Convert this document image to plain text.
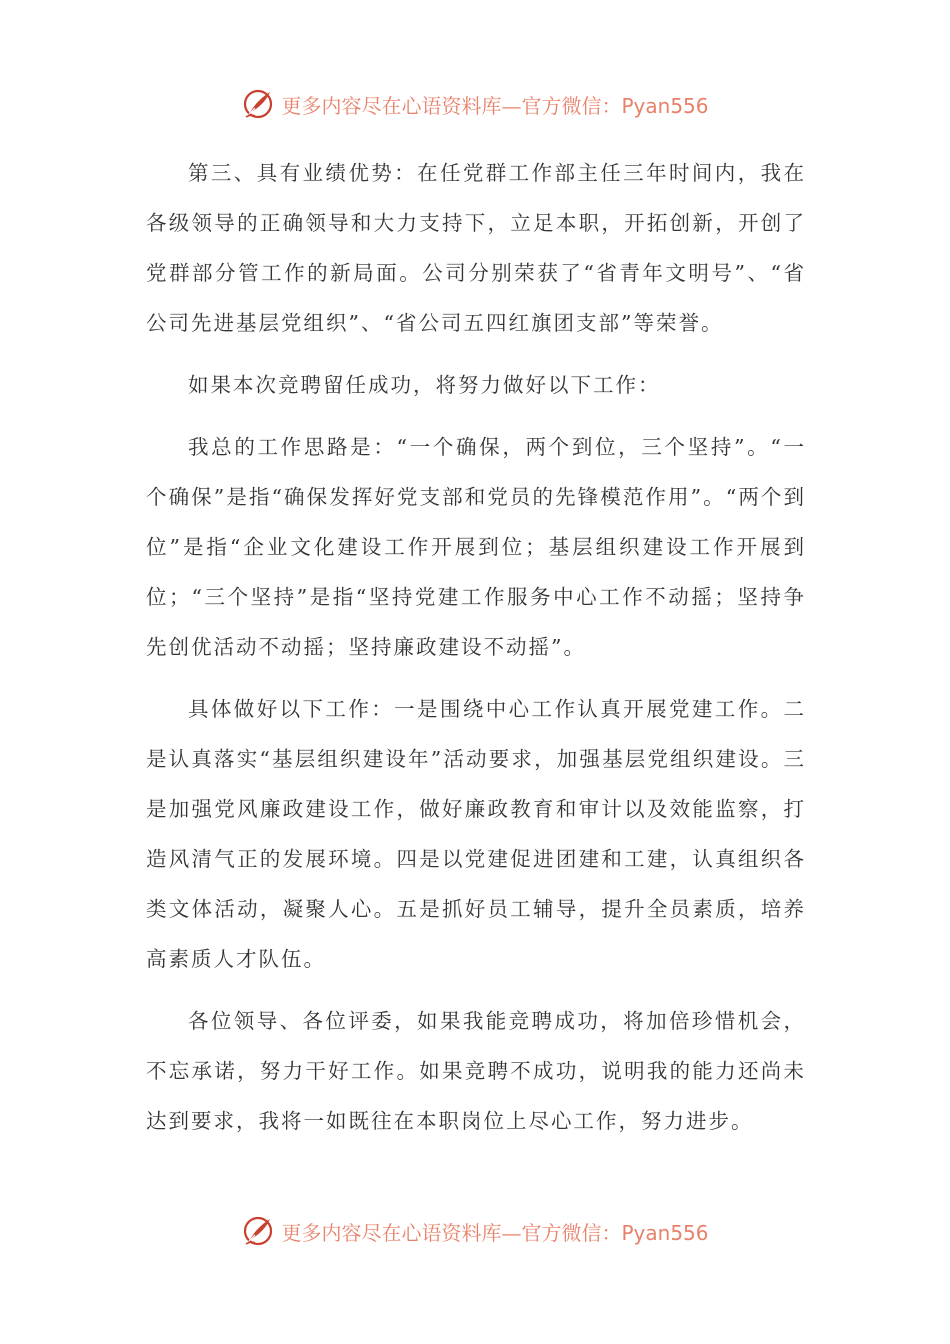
更多内容尽在心语资料库—官方微信：Pyan556

第三、具有业绩优势：在任党群工作部主任三年时间内，我在各级领导的正确领导和大力支持下，立足本职，开拓创新，开创了党群部分管工作的新局面。公司分别荣获了“省青年文明号”、“省公司先进基层党组织”、“省公司五四红旗团支部”等荣誉。

如果本次竞聘留任成功，将努力做好以下工作：

我总的工作思路是：“一个确保，两个到位，三个坚持”。“一个确保”是指“确保发挥好党支部和党员的先锋模范作用”。“两个到位”是指“企业文化建设工作开展到位；基层组织建设工作开展到位；“三个坚持”是指“坚持党建工作服务中心工作不动摇；坚持争先创优活动不动摇；坚持廉政建设不动摇”。

具体做好以下工作：一是围绕中心工作认真开展党建工作。二是认真落实“基层组织建设年”活动要求，加强基层党组织建设。三是加强党风廉政建设工作，做好廉政教育和审计以及效能监察，打造风清气正的发展环境。四是以党建促进团建和工建，认真组织各类文体活动，凝聚人心。五是抓好员工辅导，提升全员素质，培养高素质人才队伍。

各位领导、各位评委，如果我能竞聘成功，将加倍珍惜机会，不忘承诺，努力干好工作。如果竞聘不成功，说明我的能力还尚未达到要求，我将一如既往在本职岗位上尽心工作，努力进步。

更多内容尽在心语资料库—官方微信：Pyan556
